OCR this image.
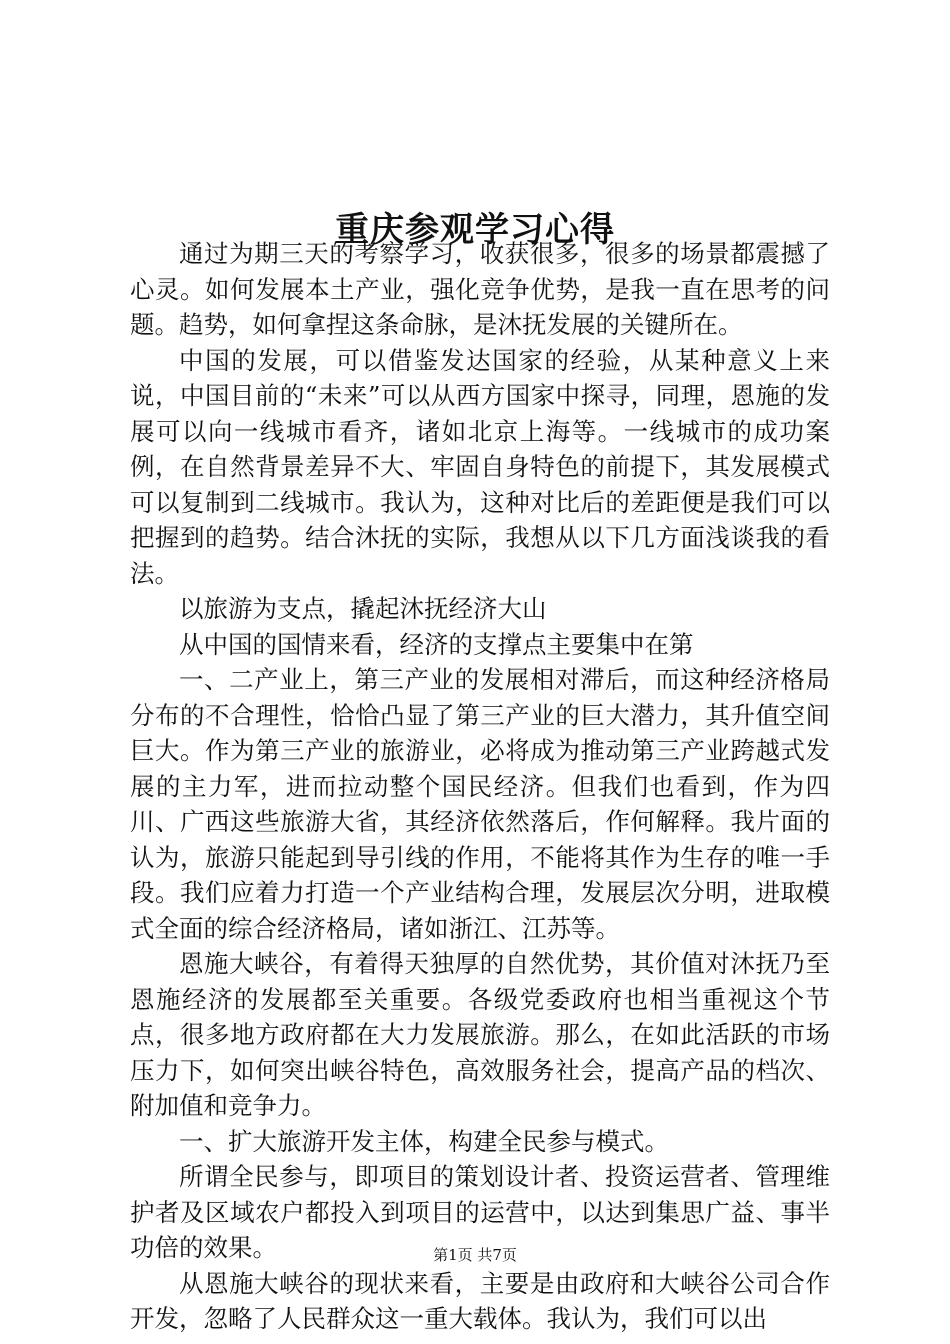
重庆参观学习心得

通过为期三天的考察学习，收获很多，很多的场景都震撼了心灵。如何发展本土产业，强化竞争优势，是我一直在思考的问题。趋势，如何拿捏这条命脉，是沐抚发展的关键所在。

中国的发展，可以借鉴发达国家的经验，从某种意义上来说，中国目前的“未来”可以从西方国家中探寻，同理，恩施的发展可以向一线城市看齐，诸如北京上海等。一线城市的成功案例，在自然背景差异不大、牢固自身特色的前提下，其发展模式可以复制到二线城市。我认为，这种对比后的差距便是我们可以把握到的趋势。结合沐抚的实际，我想从以下几方面浅谈我的看法。

以旅游为支点，撬起沐抚经济大山

从中国的国情来看，经济的支撑点主要集中在第

一、二产业上，第三产业的发展相对滞后，而这种经济格局分布的不合理性，恰恰凸显了第三产业的巨大潜力，其升值空间巨大。作为第三产业的旅游业，必将成为推动第三产业跨越式发展的主力军，进而拉动整个国民经济。但我们也看到，作为四川、广西这些旅游大省，其经济依然落后，作何解释。我片面的认为，旅游只能起到导引线的作用，不能将其作为生存的唯一手段。我们应着力打造一个产业结构合理，发展层次分明，进取模式全面的综合经济格局，诸如浙江、江苏等。

恩施大峡谷，有着得天独厚的自然优势，其价值对沐抚乃至恩施经济的发展都至关重要。各级党委政府也相当重视这个节点，很多地方政府都在大力发展旅游。那么，在如此活跃的市场压力下，如何突出峡谷特色，高效服务社会，提高产品的档次、附加值和竞争力。

一、扩大旅游开发主体，构建全民参与模式。

所谓全民参与，即项目的策划设计者、投资运营者、管理维护者及区域农户都投入到项目的运营中，以达到集思广益、事半功倍的效果。

从恩施大峡谷的现状来看，主要是由政府和大峡谷公司合作开发，忽略了人民群众这一重大载体。我认为，我们可以出

第1页 共7页
